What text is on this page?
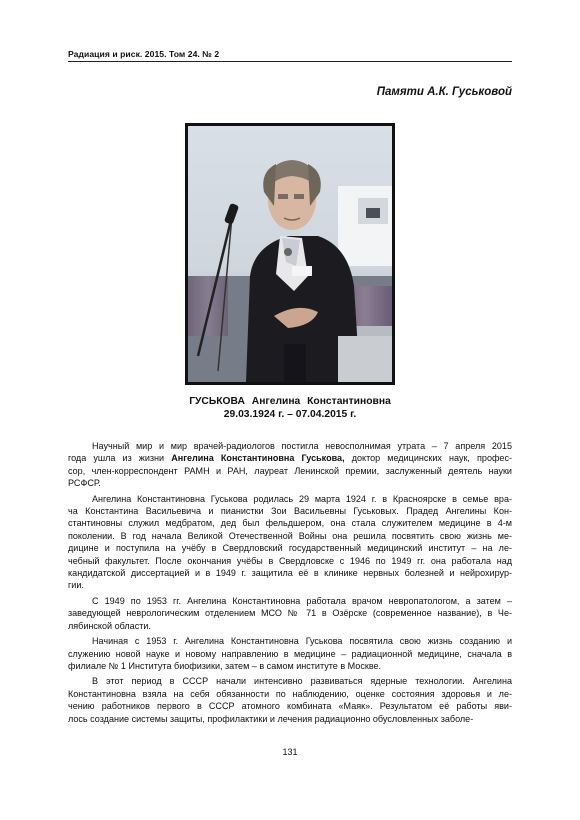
Радиация и риск. 2015. Том 24. № 2
Памяти А.К. Гуськовой
ГУСЬКОВА Ангелина Константиновна
29.03.1924 г. – 07.04.2015 г.
Научный мир и мир врачей-радиологов постигла невосполнимая утрата – 7 апреля 2015
года ушла из жизни Ангелина Константиновна Гуськова, доктор медицинских наук, профес-
сор, член-корреспондент РАМН и РАН, лауреат Ленинской премии, заслуженный деятель науки
РСФСР.
Ангелина Константиновна Гуськова родилась 29 марта 1924 г. в Красноярске в семье вра-
ча Константина Васильевича и пианистки Зои Васильевны Гуськовых. Прадед Ангелины Кон-
стантиновны служил медбратом, дед был фельдшером, она стала служителем медицине в 4-м
поколении. В год начала Великой Отечественной Войны она решила посвятить свою жизнь ме-
дицине и поступила на учёбу в Свердловский государственный медицинский институт – на ле-
чебный факультет. После окончания учёбы в Свердловске с 1946 по 1949 гг. она работала над
кандидатской диссертацией и в 1949 г. защитила её в клинике нервных болезней и нейрохирур-
гии.
С 1949 по 1953 гг. Ангелина Константиновна работала врачом невропатологом, а затем –
заведующей неврологическим отделением МСО № 71 в Озёрске (современное название), в Че-
лябинской области.
Начиная с 1953 г. Ангелина Константиновна Гуськова посвятила свою жизнь созданию и
служению новой науке и новому направлению в медицине – радиационной медицине, сначала в
филиале № 1 Института биофизики, затем – в самом институте в Москве.
В этот период в СССР начали интенсивно развиваться ядерные технологии. Ангелина
Константиновна взяла на себя обязанности по наблюдению, оценке состояния здоровья и ле-
чению работников первого в СССР атомного комбината «Маяк». Результатом её работы яви-
лось создание системы защиты, профилактики и лечения радиационно обусловленных заболе-
131
